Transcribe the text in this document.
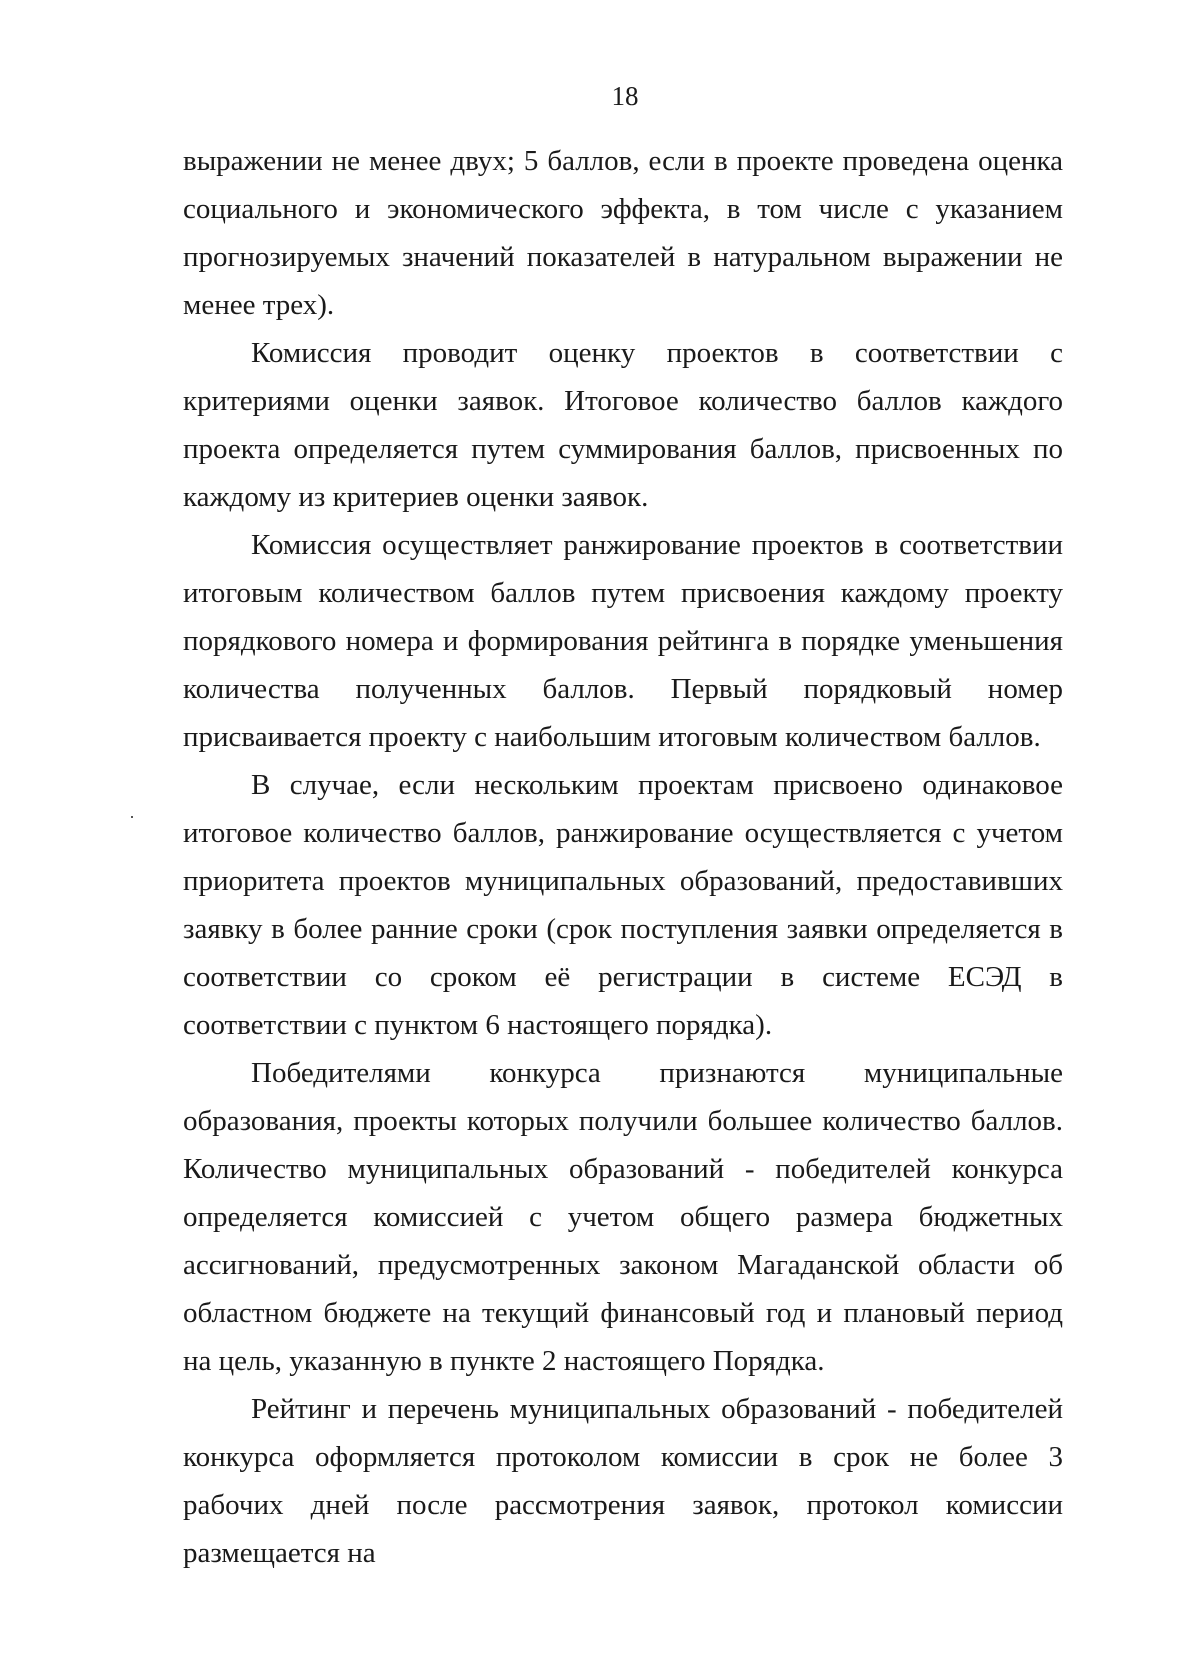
18

выражении не менее двух; 5 баллов, если в проекте проведена оценка социального и экономического эффекта, в том числе с указанием прогнозируемых значений показателей в натуральном выражении не менее трех).

Комиссия проводит оценку проектов в соответствии с критериями оценки заявок. Итоговое количество баллов каждого проекта определяется путем суммирования баллов, присвоенных по каждому из критериев оценки заявок.

Комиссия осуществляет ранжирование проектов в соответствии итоговым количеством баллов путем присвоения каждому проекту порядкового номера и формирования рейтинга в порядке уменьшения количества полученных баллов. Первый порядковый номер присваивается проекту с наибольшим итоговым количеством баллов.

В случае, если нескольким проектам присвоено одинаковое итоговое количество баллов, ранжирование осуществляется с учетом приоритета проектов муниципальных образований, предоставивших заявку в более ранние сроки (срок поступления заявки определяется в соответствии со сроком её регистрации в системе ЕСЭД в соответствии с пунктом 6 настоящего порядка).

Победителями конкурса признаются муниципальные образования, проекты которых получили большее количество баллов. Количество муниципальных образований - победителей конкурса определяется комиссией с учетом общего размера бюджетных ассигнований, предусмотренных законом Магаданской области об областном бюджете на текущий финансовый год и плановый период на цель, указанную в пункте 2 настоящего Порядка.

Рейтинг и перечень муниципальных образований - победителей конкурса оформляется протоколом комиссии в срок не более 3 рабочих дней после рассмотрения заявок, протокол комиссии размещается на
